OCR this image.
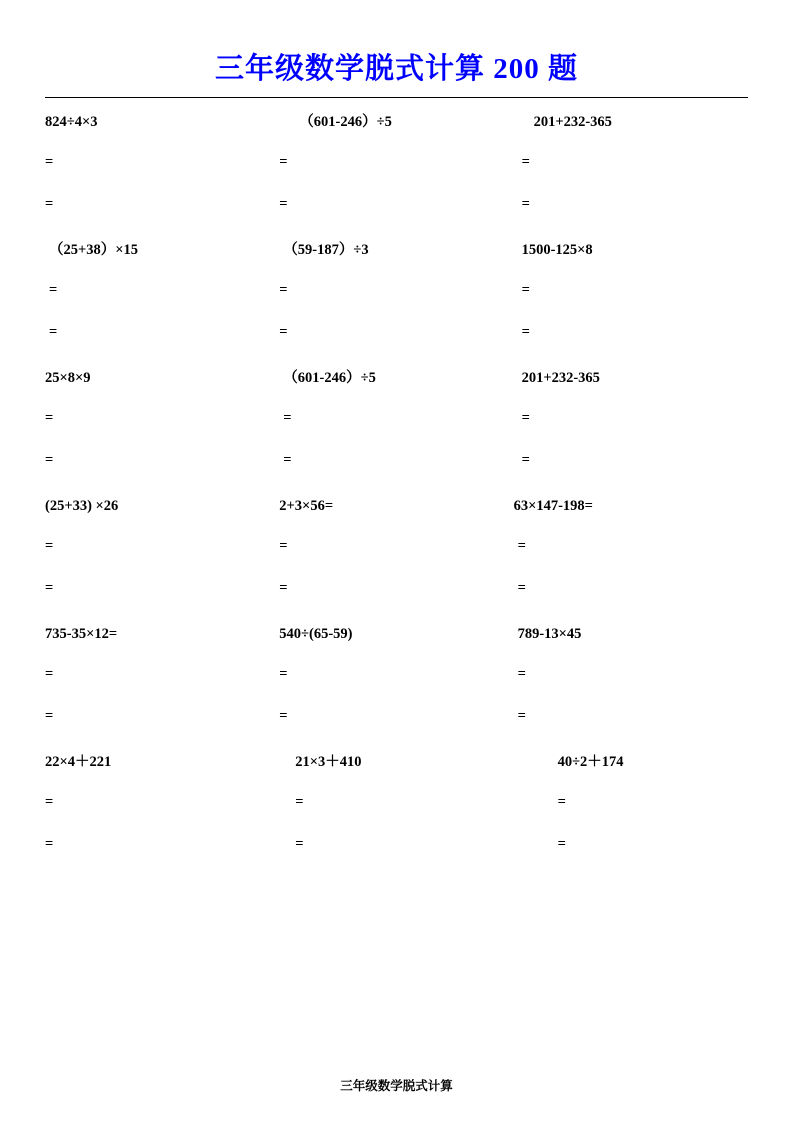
三年级数学脱式计算 200 题
824÷4×3
=
=
（601-246）÷5
=
=
201+232-365
=
=
（25+38）×15
=
=
（59-187）÷3
=
=
1500-125×8
=
=
25×8×9
=
=
（601-246）÷5
=
=
201+232-365
=
=
(25+33) ×26
=
=
2+3×56=
=
=
63×147-198=
=
=
735-35×12=
=
=
540÷(65-59)
=
=
789-13×45
=
=
22×4＋221
=
=
21×3＋410
=
=
40÷2＋174
=
=
三年级数学脱式计算
